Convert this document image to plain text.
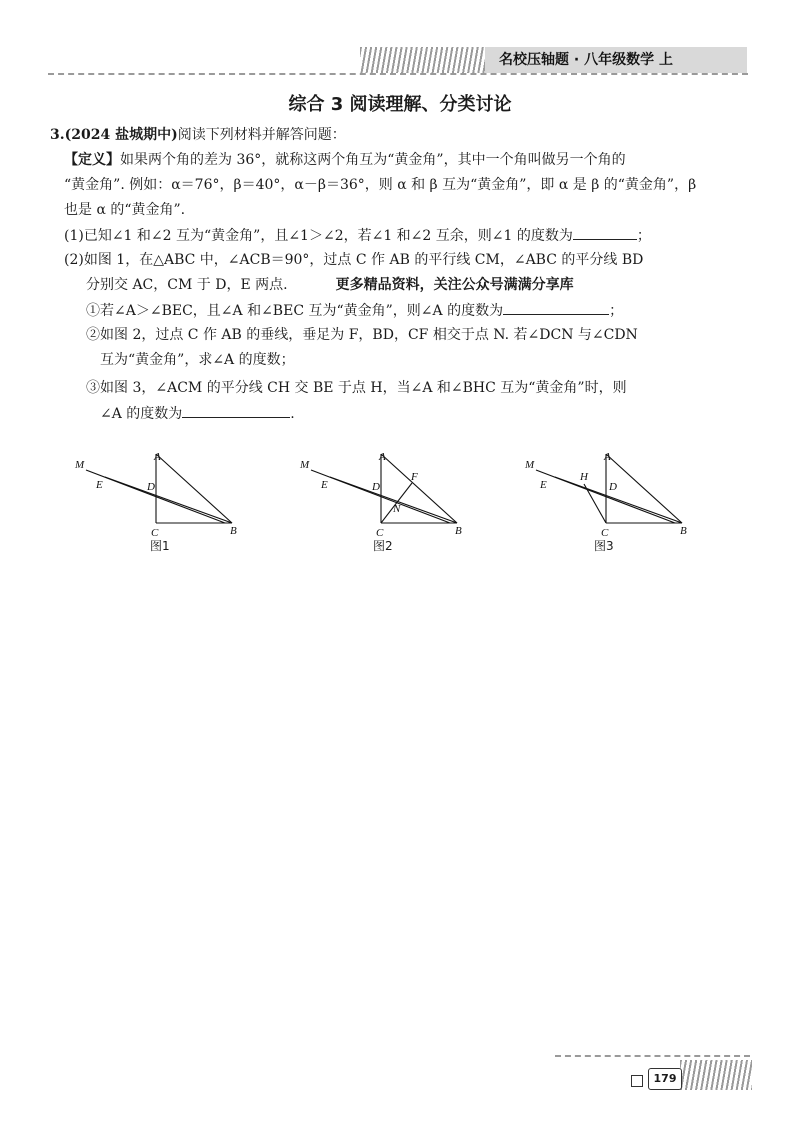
名校压轴题 · 八年级数学 上
综合 3 阅读理解、分类讨论
3.(2024 盐城期中)阅读下列材料并解答问题：
【定义】如果两个角的差为 36°，就称这两个角互为“黄金角”，其中一个角叫做另一个角的
“黄金角”. 例如：α＝76°，β＝40°，α－β＝36°，则 α 和 β 互为“黄金角”，即 α 是 β 的“黄金角”，β
也是 α 的“黄金角”.
(1)已知∠1 和∠2 互为“黄金角”，且∠1＞∠2，若∠1 和∠2 互余，则∠1 的度数为	；
(2)如图 1，在△ABC 中，∠ACB＝90°，过点 C 作 AB 的平行线 CM，∠ABC 的平分线 BD
分别交 AC，CM 于 D，E 两点.	更多精品资料，关注公众号满满分享库
①若∠A＞∠BEC，且∠A 和∠BEC 互为“黄金角”，则∠A 的度数为	；
②如图 2，过点 C 作 AB 的垂线，垂足为 F，BD，CF 相交于点 N. 若∠DCN 与∠CDN
互为“黄金角”，求∠A 的度数；
③如图 3，∠ACM 的平分线 CH 交 BE 于点 H，当∠A 和∠BHC 互为“黄金角”时，则
∠A 的度数为	.
M
E
A
D
C	B
图1
M
E
A
D
F
N
C	B
图2
M
E
H
A
D
C	B
图3
179
